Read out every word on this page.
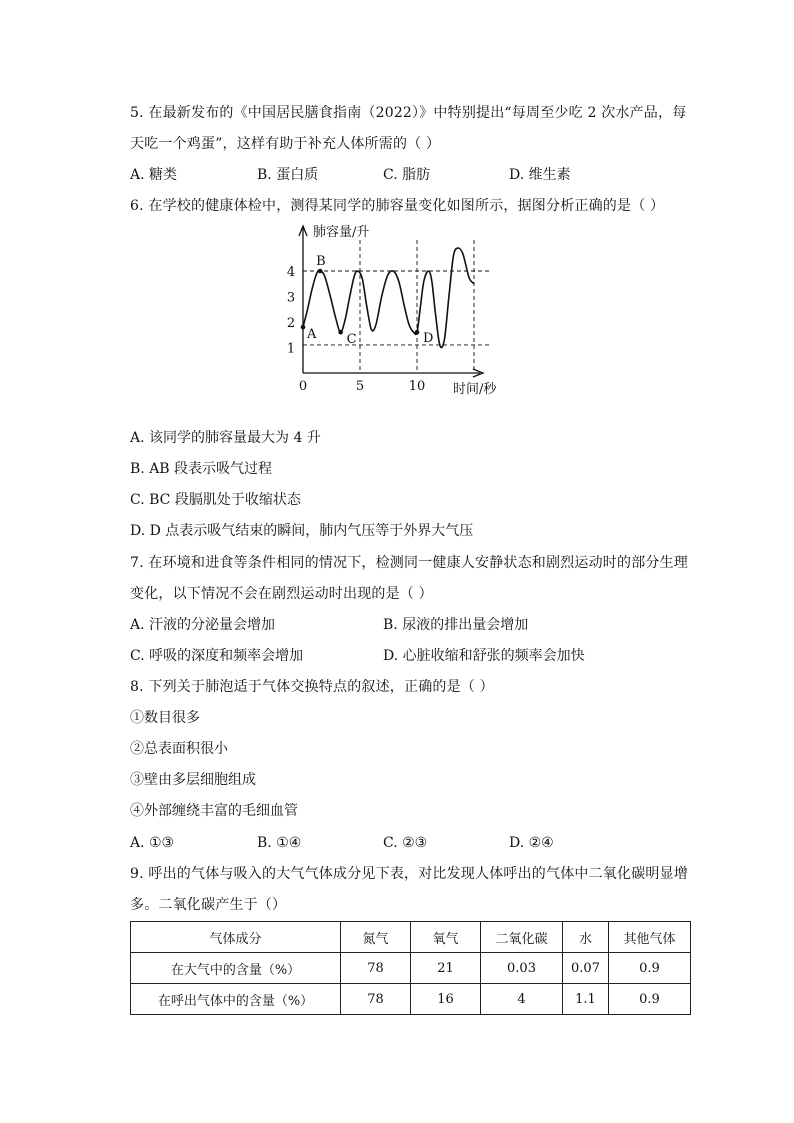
5. 在最新发布的《中国居民膳食指南（2022）》中特别提出“每周至少吃 2 次水产品，每
天吃一个鸡蛋”，这样有助于补充人体所需的（ ）
A. 糖类	B. 蛋白质	C. 脂肪	D. 维生素
6. 在学校的健康体检中，测得某同学的肺容量变化如图所示，据图分析正确的是（ ）
1
2
3
4
0	5	10
肺容量/升
时间/秒
A
B
C	D
A. 该同学的肺容量最大为 4 升
B. AB 段表示吸气过程
C. BC 段膈肌处于收缩状态
D. D 点表示吸气结束的瞬间，肺内气压等于外界大气压
7. 在环境和进食等条件相同的情况下，检测同一健康人安静状态和剧烈运动时的部分生理
变化，以下情况不会在剧烈运动时出现的是（ ）
A. 汗液的分泌量会增加	B. 尿液的排出量会增加
C. 呼吸的深度和频率会增加	D. 心脏收缩和舒张的频率会加快
8. 下列关于肺泡适于气体交换特点的叙述，正确的是（ ）
①数目很多
②总表面积很小
③壁由多层细胞组成
④外部缠绕丰富的毛细血管
A. ①③	B. ①④	C. ②③	D. ②④
9. 呼出的气体与吸入的大气气体成分见下表，对比发现人体呼出的气体中二氧化碳明显增
多。二氧化碳产生于（）
气体成分	氮气	氧气	二氧化碳	水	其他气体
在大气中的含量（%）	78	21	0.03	0.07	0.9
在呼出气体中的含量（%）	78	16	4	1.1	0.9
